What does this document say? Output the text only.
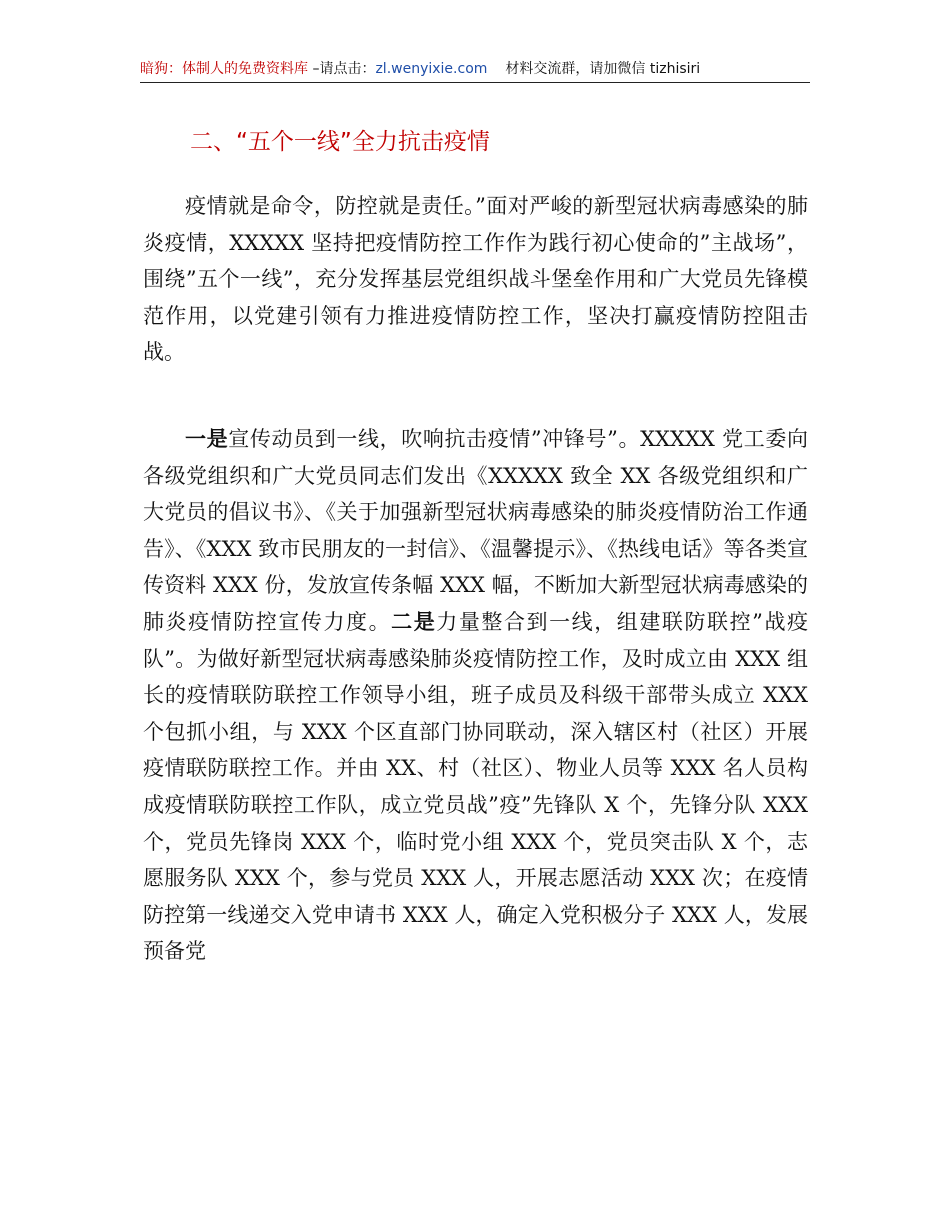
暗狗：体制人的免费资料库 –请点击：zl.wenyixie.com 材料交流群，请加微信 tizhisiri
二、“五个一线”全力抗击疫情

疫情就是命令，防控就是责任。”面对严峻的新型冠状病毒感染的肺炎疫情，XXXXX 坚持把疫情防控工作作为践行初心使命的”主战场”，围绕”五个一线”，充分发挥基层党组织战斗堡垒作用和广大党员先锋模范作用，以党建引领有力推进疫情防控工作，坚决打赢疫情防控阻击战。

一是宣传动员到一线，吹响抗击疫情”冲锋号”。XXXXX 党工委向各级党组织和广大党员同志们发出《XXXXX 致全 XX 各级党组织和广大党员的倡议书》、《关于加强新型冠状病毒感染的肺炎疫情防治工作通告》、《XXX 致市民朋友的一封信》、《温馨提示》、《热线电话》等各类宣传资料 XXX 份，发放宣传条幅 XXX 幅，不断加大新型冠状病毒感染的肺炎疫情防控宣传力度。二是力量整合到一线，组建联防联控”战疫队”。为做好新型冠状病毒感染肺炎疫情防控工作，及时成立由 XXX 组长的疫情联防联控工作领导小组，班子成员及科级干部带头成立 XXX 个包抓小组，与 XXX 个区直部门协同联动，深入辖区村（社区）开展疫情联防联控工作。并由 XX、村（社区）、物业人员等 XXX 名人员构成疫情联防联控工作队，成立党员战”疫”先锋队 X 个，先锋分队 XXX 个，党员先锋岗 XXX 个，临时党小组 XXX 个，党员突击队 X 个，志愿服务队 XXX 个，参与党员 XXX 人，开展志愿活动 XXX 次；在疫情防控第一线递交入党申请书 XXX 人，确定入党积极分子 XXX 人，发展预备党
